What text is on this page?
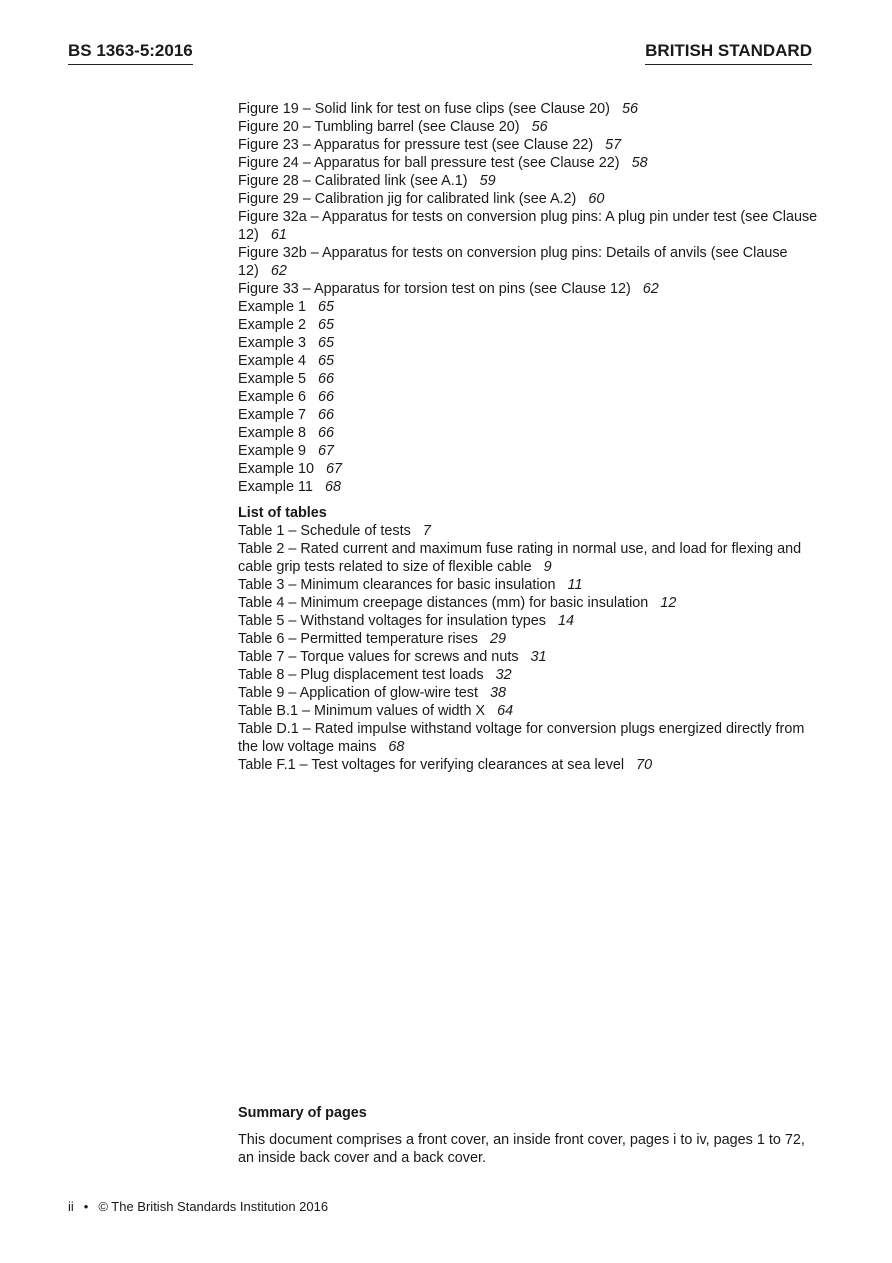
BS 1363-5:2016	BRITISH STANDARD
Figure 19 – Solid link for test on fuse clips (see Clause 20) 56
Figure 20 – Tumbling barrel (see Clause 20) 56
Figure 23 – Apparatus for pressure test (see Clause 22) 57
Figure 24 – Apparatus for ball pressure test (see Clause 22) 58
Figure 28 – Calibrated link (see A.1) 59
Figure 29 – Calibration jig for calibrated link (see A.2) 60
Figure 32a – Apparatus for tests on conversion plug pins: A plug pin under test (see Clause 12) 61
Figure 32b – Apparatus for tests on conversion plug pins: Details of anvils (see Clause 12) 62
Figure 33 – Apparatus for torsion test on pins (see Clause 12) 62
Example 1 65
Example 2 65
Example 3 65
Example 4 65
Example 5 66
Example 6 66
Example 7 66
Example 8 66
Example 9 67
Example 10 67
Example 11 68
List of tables
Table 1 – Schedule of tests 7
Table 2 – Rated current and maximum fuse rating in normal use, and load for flexing and cable grip tests related to size of flexible cable 9
Table 3 – Minimum clearances for basic insulation 11
Table 4 – Minimum creepage distances (mm) for basic insulation 12
Table 5 – Withstand voltages for insulation types 14
Table 6 – Permitted temperature rises 29
Table 7 – Torque values for screws and nuts 31
Table 8 – Plug displacement test loads 32
Table 9 – Application of glow-wire test 38
Table B.1 – Minimum values of width X 64
Table D.1 – Rated impulse withstand voltage for conversion plugs energized directly from the low voltage mains 68
Table F.1 – Test voltages for verifying clearances at sea level 70
Summary of pages
This document comprises a front cover, an inside front cover, pages i to iv, pages 1 to 72, an inside back cover and a back cover.
ii • © The British Standards Institution 2016
